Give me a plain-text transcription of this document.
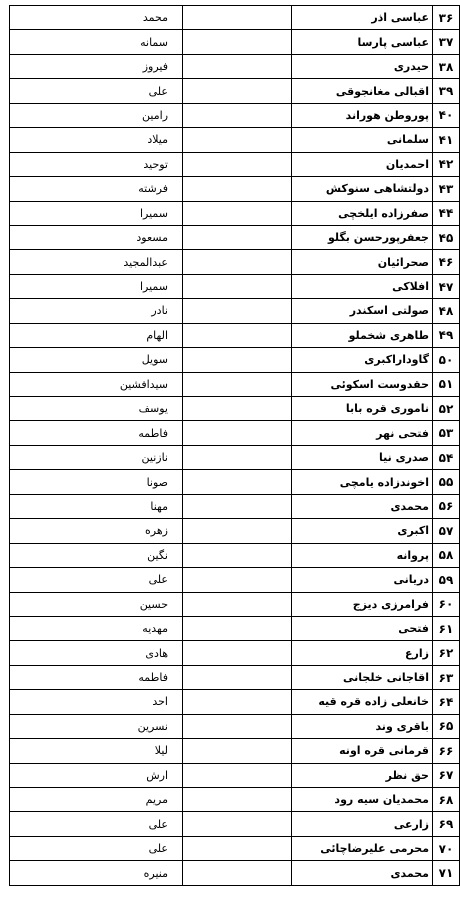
محمد		عباسی اذر	۳۶
سمانه		عباسی پارسا	۳۷
فیروز		حیدری	۳۸
علی		اقبالی مغانجوقی	۳۹
رامین		پوروطن هوراند	۴۰
میلاد		سلمانی	۴۱
توحید		احمدیان	۴۲
فرشته		دولتشاهی سنوکش	۴۳
سمیرا		صفرزاده ایلخچی	۴۴
مسعود		جعفرپورحسن بگلو	۴۵
عبدالمجید		صحرائیان	۴۶
سمیرا		افلاکی	۴۷
نادر		صولتی اسکندر	۴۸
الهام		طاهری شخملو	۴۹
سویل		گاوداراکبری	۵۰
سیدافشین		حقدوست اسکوئی	۵۱
یوسف		ناموری قره بابا	۵۲
فاطمه		فتحی نهر	۵۳
نازنین		صدری نیا	۵۴
صونا		اخوندزاده یامچی	۵۵
مهنا		محمدی	۵۶
زهره		اکبری	۵۷
نگین		پروانه	۵۸
علی		دریانی	۵۹
حسین		فرامرزی دیزج	۶۰
مهدیه		فتحی	۶۱
هادی		زارع	۶۲
فاطمه		اقاجانی خلجانی	۶۳
احد		خانعلی زاده قره قیه	۶۴
نسرین		باقری وند	۶۵
لیلا		قرمانی قره اونه	۶۶
ارش		حق نظر	۶۷
مریم		محمدیان سیه رود	۶۸
علی		زارعی	۶۹
علی		محرمی علیرضاچائی	۷۰
منیره		محمدی	۷۱
